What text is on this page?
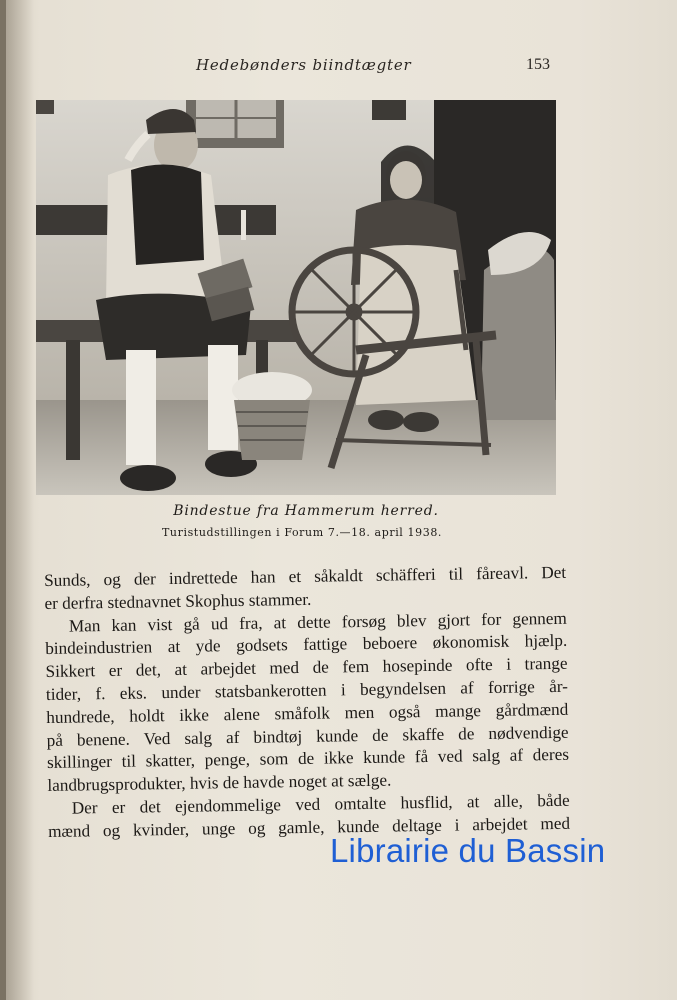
Hedebønders biindtægter	153
Bindestue fra Hammerum herred.
Turistudstillingen i Forum 7.—18. april 1938.
Sunds, og der indrettede han et såkaldt schäfferi til fåreavl. Det
er derfra stednavnet Skophus stammer.
Man kan vist gå ud fra, at dette forsøg blev gjort for gennem
bindeindustrien at yde godsets fattige beboere økonomisk hjælp.
Sikkert er det, at arbejdet med de fem hosepinde ofte i trange
tider, f. eks. under statsbankerotten i begyndelsen af forrige år-
hundrede, holdt ikke alene småfolk men også mange gårdmænd
på benene. Ved salg af bindtøj kunde de skaffe de nødvendige
skillinger til skatter, penge, som de ikke kunde få ved salg af deres
landbrugsprodukter, hvis de havde noget at sælge.
Der er det ejendommelige ved omtalte husflid, at alle, både
mænd og kvinder, unge og gamle, kunde deltage i arbejdet med
Librairie du Bassin
